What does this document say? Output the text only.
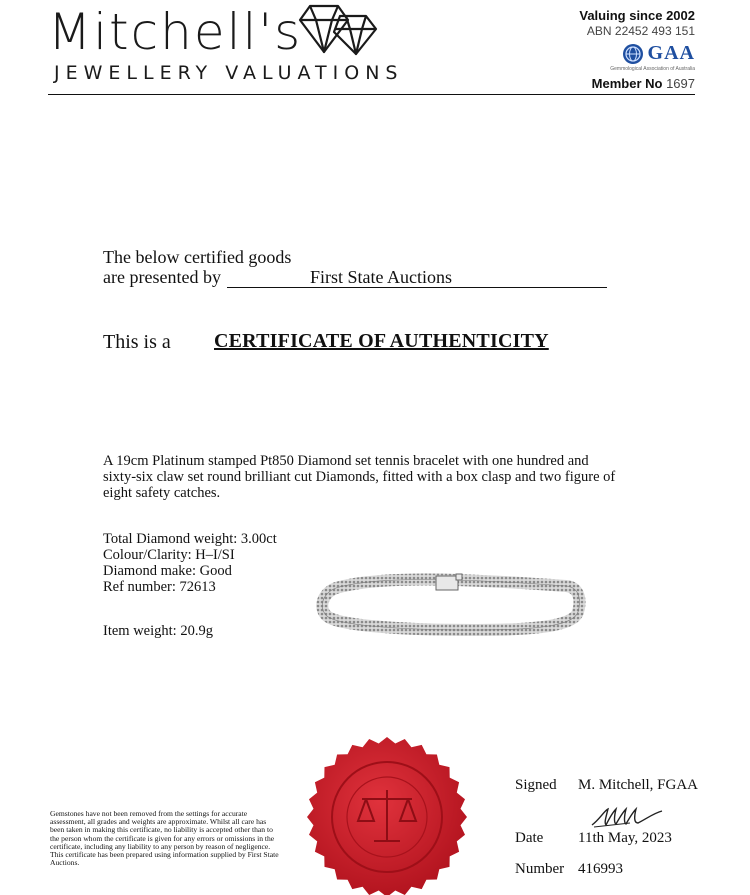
Mitchell's
JEWELLERY VALUATIONS
Valuing since 2002
ABN 22452 493 151
GAA
Gemmological Association of Australia
Member No 1697
The below certified goods
are presented by	First State Auctions
This is a CERTIFICATE OF AUTHENTICITY
A 19cm Platinum stamped Pt850 Diamond set tennis bracelet with one hundred and sixty-six claw set round brilliant cut Diamonds, fitted with a box clasp and two figure of eight safety catches.
Total Diamond weight: 3.00ct
Colour/Clarity: H–I/SI
Diamond make: Good
Ref number: 72613
Item weight: 20.9g
Gemstones have not been removed from the settings for accurate assessment, all grades and weights are approximate. Whilst all care has been taken in making this certificate, no liability is accepted other than to the person whom the certificate is given for any errors or omissions in the certificate, including any liability to any person by reason of negligence. This certificate has been prepared using information supplied by First State Auctions.
Signed M. Mitchell, FGAA
Date 11th May, 2023
Number 416993
